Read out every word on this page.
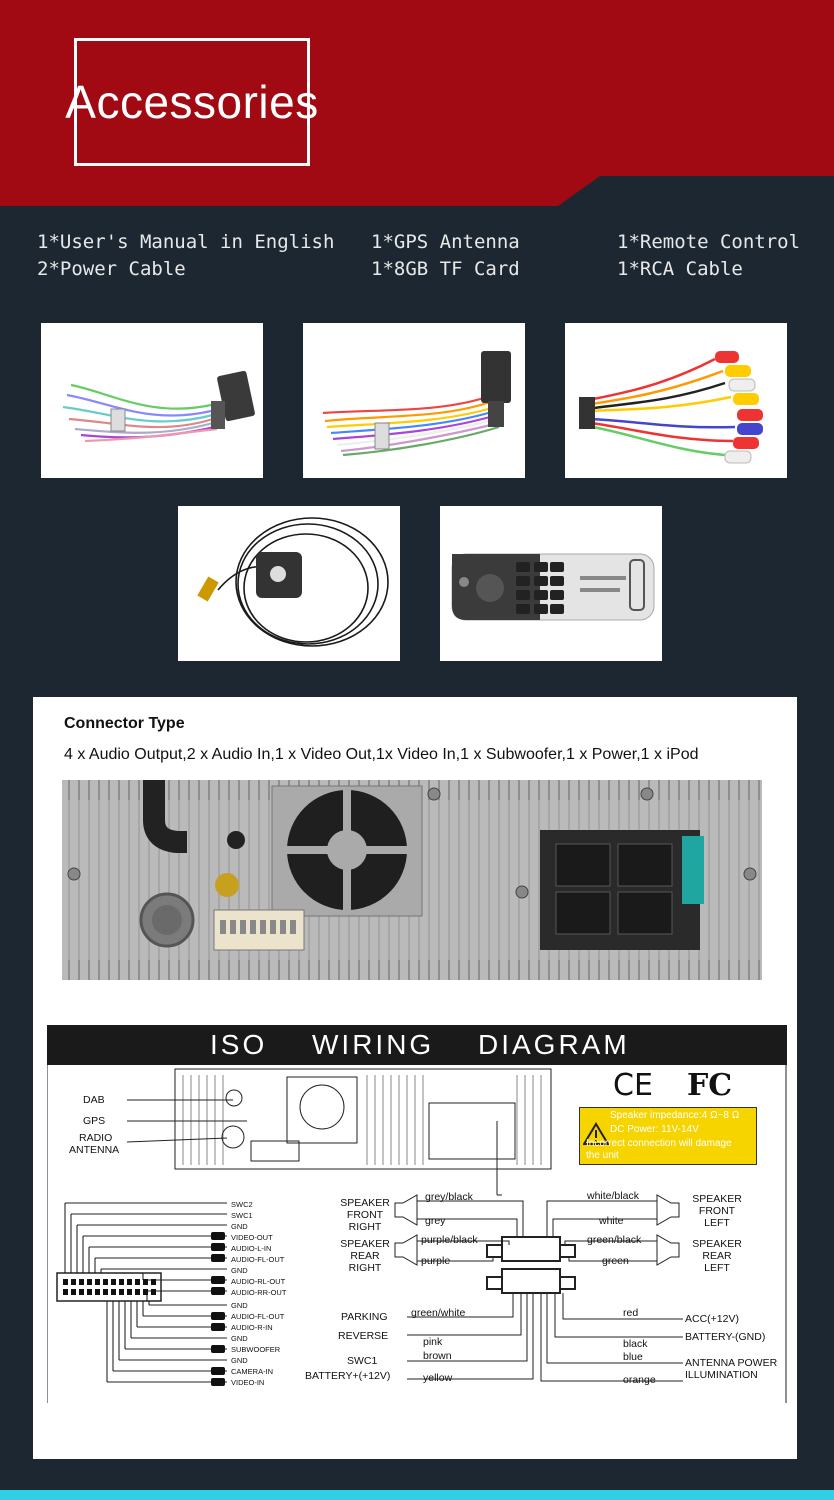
Accessories
1*User's Manual in English
2*Power Cable
1*GPS Antenna
1*8GB TF Card
1*Remote Control
1*RCA Cable
Connector Type
4 x Audio Output,2 x Audio In,1 x Video Out,1x Video In,1 x Subwoofer,1 x Power,1 x iPod
ISO WIRING DIAGRAM
DAB
GPS
RADIO
ANTENNA
CE FC
Speaker impedance:4 Ω~8 Ω
DC Power: 11V-14V
Incorrect connection will damage
the unit
SWC2
SWC1
GND
VIDEO-OUT
AUDIO-L-IN
AUDIO-FL-OUT
GND
AUDIO-RL-OUT
AUDIO-RR-OUT
GND
AUDIO-FL-OUT
AUDIO-R-IN
GND
SUBWOOFER
GND
CAMERA-IN
VIDEO-IN
SPEAKER
FRONT
RIGHT
SPEAKER
REAR
RIGHT
SPEAKER
FRONT
LEFT
SPEAKER
REAR
LEFT
grey/black
grey
purple/black
purple
white/black
white
green/black
green
PARKING
REVERSE
SWC1
BATTERY+(+12V)
green/white
pink
brown
yellow
ACC(+12V)
BATTERY-(GND)
ANTENNA POWER
ILLUMINATION
red
black
blue
orange
